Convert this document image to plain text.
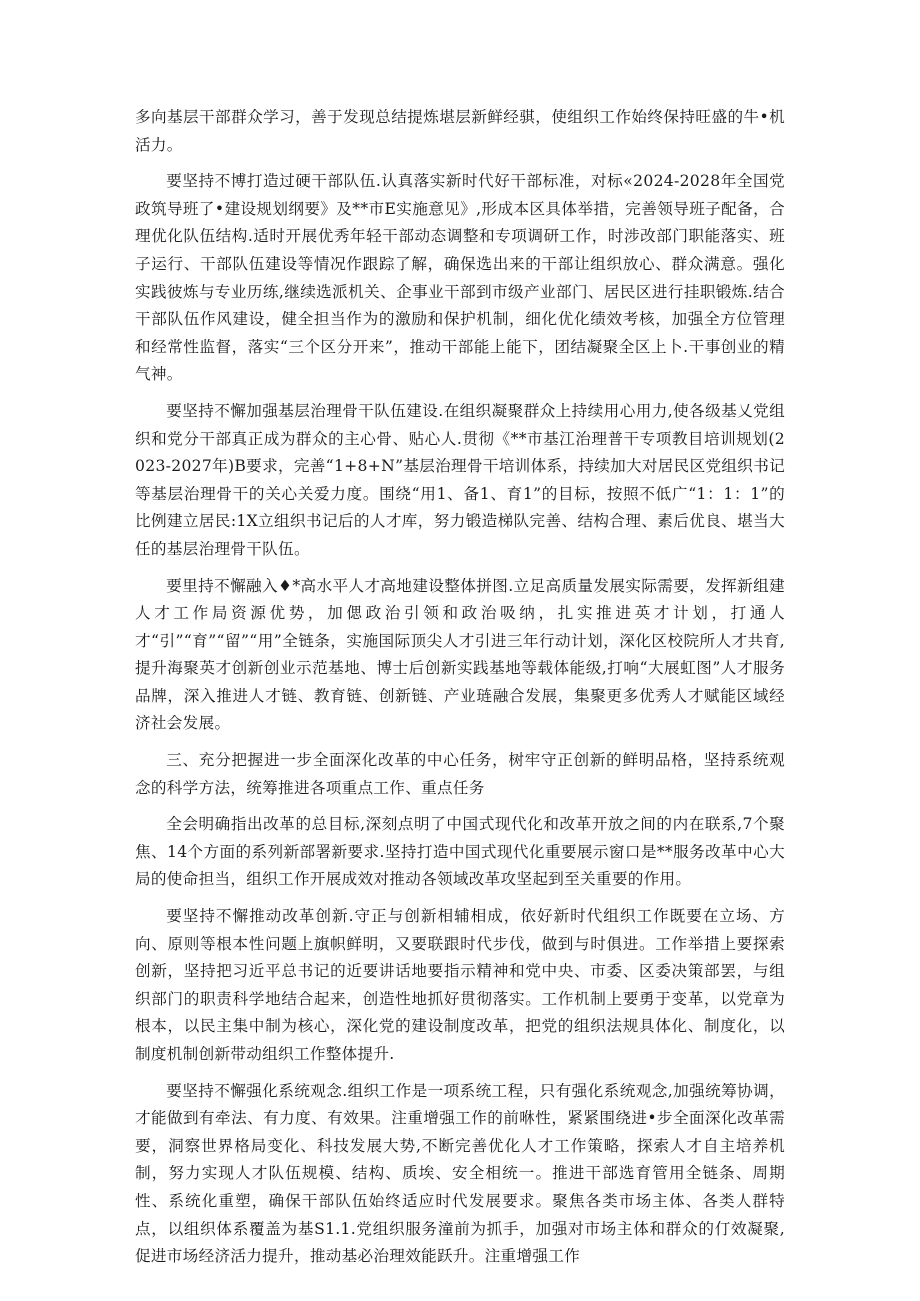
多向基层干部群众学习，善于发现总结提炼堪层新鲜经骐，使组织工作始终保持旺盛的牛•机活力。

要坚持不博打造过硬干部队伍.认真落实新时代好干部标准，对标«2024-2028年全国党政筑导班了•建设规划纲要》及**市E实施意见》,形成本区具体举措，完善领导班子配备，合理优化队伍结构.适时开展优秀年轻干部动态调整和专项调研工作，时涉改部门职能落实、班子运行、干部队伍建设等情况作跟踪了解，确保选出来的干部让组织放心、群众满意。强化实践彼炼与专业历练,继续选派机关、企事业干部到市级产业部门、居民区进行挂职锻炼.结合干部队伍作风建设，健全担当作为的激励和保护机制，细化优化绩效考核，加强全方位管理和经常性监督，落实“三个区分开来”，推动干部能上能下，团结凝聚全区上卜.干事创业的精气神。

要坚持不懈加强基层治理骨干队伍建设.在组织凝聚群众上持续用心用力,使各级基乂党组织和党分干部真正成为群众的主心骨、贴心人.贯彻《**市基江治理普干专项教目培训规划(2023-2027年)B要求，完善“1+8+N”基层治理骨干培训体系，持续加大对居民区党组织书记等基层治理骨干的关心关爱力度。围绕“用1、备1、育1”的目标，按照不低广“1：1：1”的比例建立居民:1X立组织书记后的人才库，努力锻造梯队完善、结构合理、素后优良、堪当大任的基层治理骨干队伍。

要里持不懈融入♦*高水平人才高地建设整体拼图.立足高质量发展实际需要，发挥新组建人才工作局资源优势，加偲政治引领和政治吸纳，扎实推进英才计划，打通人才“引”“育”“留”“用”全链条，实施国际顶尖人才引进三年行动计划，深化区校院所人才共育,提升海聚英才创新创业示范基地、博士后创新实践基地等载体能级,打响“大展虹图”人才服务品牌，深入推进人才链、教育链、创新链、产业琏融合发展，集聚更多优秀人才赋能区域经济社会发展。

三、充分把握进一步全面深化改革的中心任务，树牢守正创新的鲜明品格，坚持系统观念的科学方法，统筹推进各项重点工作、重点任务

全会明确指出改革的总目标,深刻点明了中国式现代化和改革开放之间的内在联系,7个聚焦、14个方面的系列新部署新要求.坚持打造中国式现代化重要展示窗口是**服务改革中心大局的使命担当，组织工作开展成效对推动各领域改革攻坚起到至关重要的作用。

要坚持不懈推动改革创新.守正与创新相辅相成，依好新时代组织工作既要在立场、方向、原则等根本性问题上旗帜鲜明，又要联跟时代步伐，做到与时俱进。工作举措上要探索创新，坚持把习近平总书记的近要讲话地要指示精神和党中央、市委、区委决策部罢，与组织部门的职责科学地结合起来，创造性地抓好贯彻落实。工作机制上要勇于变革，以党章为根本，以民主集中制为核心，深化党的建设制度改革，把党的组织法规具体化、制度化，以制度机制创新带动组织工作整体提升.

要坚持不懈强化系统观念.组织工作是一项系统工程，只有强化系统观念,加强统筹协调，才能做到有牵法、有力度、有效果。注重增强工作的前咻性，紧紧围绕进•步全面深化改革需要，洞察世界格局变化、科技发展大势,不断完善优化人才工作策略，探索人才自主培养机制，努力实现人才队伍规模、结构、质埃、安全相统一。推进干部选育管用全链条、周期性、系统化重塑，确保干部队伍始终适应时代发展要求。聚焦各类市场主体、各类人群特点，以组织体系覆盖为基S1.1.党组织服务潼前为抓手，加强对市场主体和群众的仃效凝聚,促进市场经济活力提升，推动基必治理效能跃升。注重增强工作
